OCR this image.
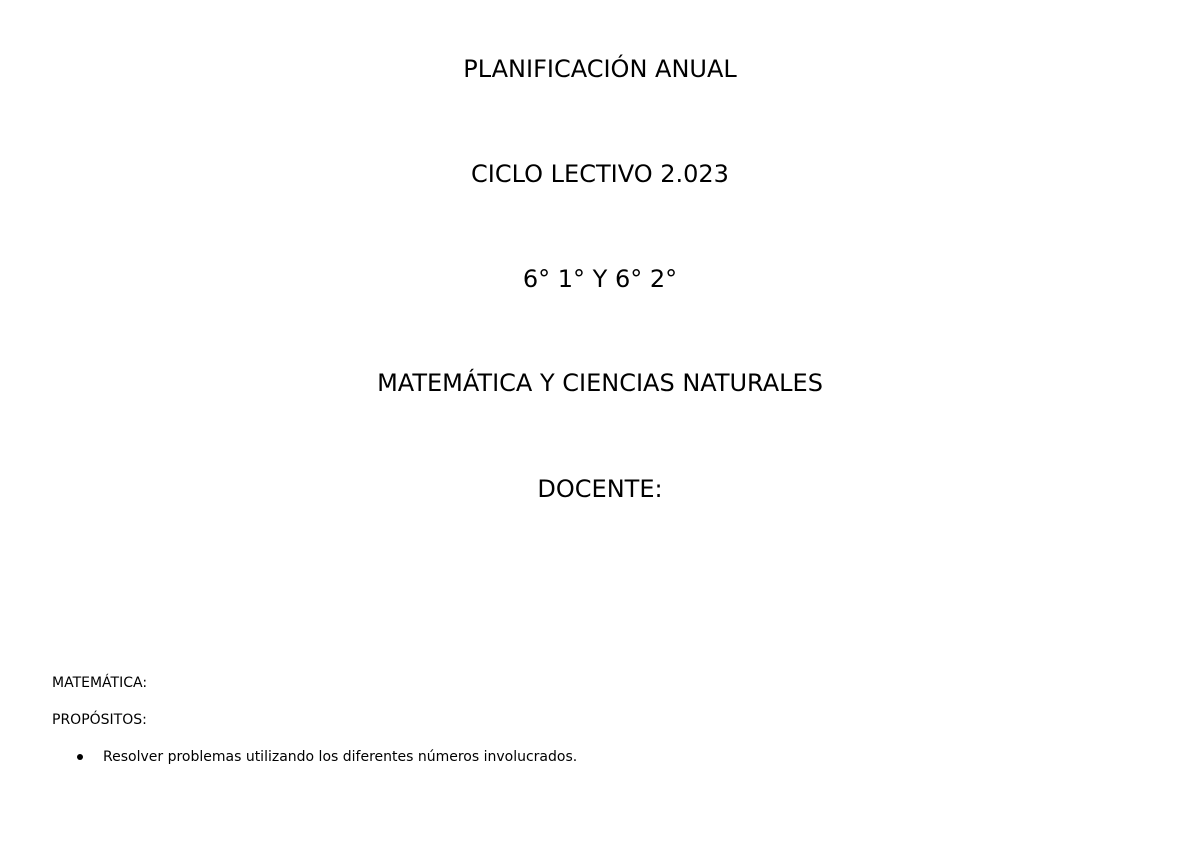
PLANIFICACIÓN ANUAL
CICLO LECTIVO 2.023
6° 1° Y 6° 2°
MATEMÁTICA Y CIENCIAS NATURALES
DOCENTE:
MATEMÁTICA:
PROPÓSITOS:
Resolver problemas utilizando los diferentes números involucrados.
